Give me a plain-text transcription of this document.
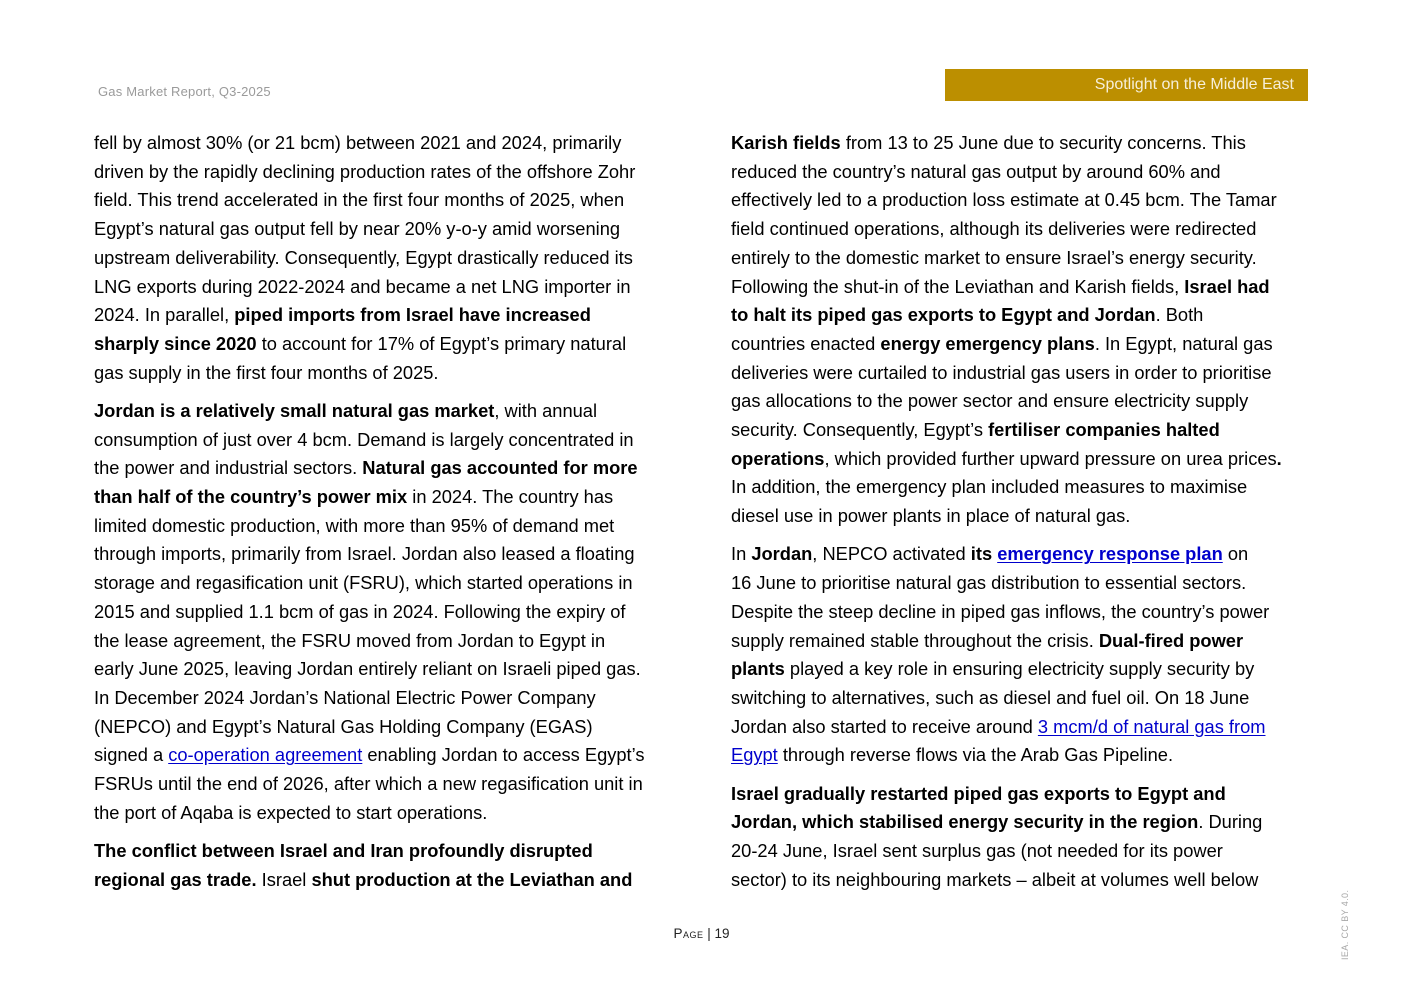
Gas Market Report, Q3-2025	Spotlight on the Middle East
fell by almost 30% (or 21 bcm) between 2021 and 2024, primarily
driven by the rapidly declining production rates of the offshore Zohr
field. This trend accelerated in the first four months of 2025, when
Egypt’s natural gas output fell by near 20% y-o-y amid worsening
upstream deliverability. Consequently, Egypt drastically reduced its
LNG exports during 2022-2024 and became a net LNG importer in
2024. In parallel, piped imports from Israel have increased
sharply since 2020 to account for 17% of Egypt’s primary natural
gas supply in the first four months of 2025.
Jordan is a relatively small natural gas market, with annual
consumption of just over 4 bcm. Demand is largely concentrated in
the power and industrial sectors. Natural gas accounted for more
than half of the country’s power mix in 2024. The country has
limited domestic production, with more than 95% of demand met
through imports, primarily from Israel. Jordan also leased a floating
storage and regasification unit (FSRU), which started operations in
2015 and supplied 1.1 bcm of gas in 2024. Following the expiry of
the lease agreement, the FSRU moved from Jordan to Egypt in
early June 2025, leaving Jordan entirely reliant on Israeli piped gas.
In December 2024 Jordan’s National Electric Power Company
(NEPCO) and Egypt’s Natural Gas Holding Company (EGAS)
signed a co-operation agreement enabling Jordan to access Egypt’s
FSRUs until the end of 2026, after which a new regasification unit in
the port of Aqaba is expected to start operations.
The conflict between Israel and Iran profoundly disrupted
regional gas trade. Israel shut production at the Leviathan and
Karish fields from 13 to 25 June due to security concerns. This
reduced the country’s natural gas output by around 60% and
effectively led to a production loss estimate at 0.45 bcm. The Tamar
field continued operations, although its deliveries were redirected
entirely to the domestic market to ensure Israel’s energy security.
Following the shut-in of the Leviathan and Karish fields, Israel had
to halt its piped gas exports to Egypt and Jordan. Both
countries enacted energy emergency plans. In Egypt, natural gas
deliveries were curtailed to industrial gas users in order to prioritise
gas allocations to the power sector and ensure electricity supply
security. Consequently, Egypt’s fertiliser companies halted
operations, which provided further upward pressure on urea prices.
In addition, the emergency plan included measures to maximise
diesel use in power plants in place of natural gas.
In Jordan, NEPCO activated its emergency response plan on
16 June to prioritise natural gas distribution to essential sectors.
Despite the steep decline in piped gas inflows, the country’s power
supply remained stable throughout the crisis. Dual-fired power
plants played a key role in ensuring electricity supply security by
switching to alternatives, such as diesel and fuel oil. On 18 June
Jordan also started to receive around 3 mcm/d of natural gas from
Egypt through reverse flows via the Arab Gas Pipeline.
Israel gradually restarted piped gas exports to Egypt and
Jordan, which stabilised energy security in the region. During
20-24 June, Israel sent surplus gas (not needed for its power
sector) to its neighbouring markets – albeit at volumes well below
Page | 19	IEA. CC BY 4.0.
